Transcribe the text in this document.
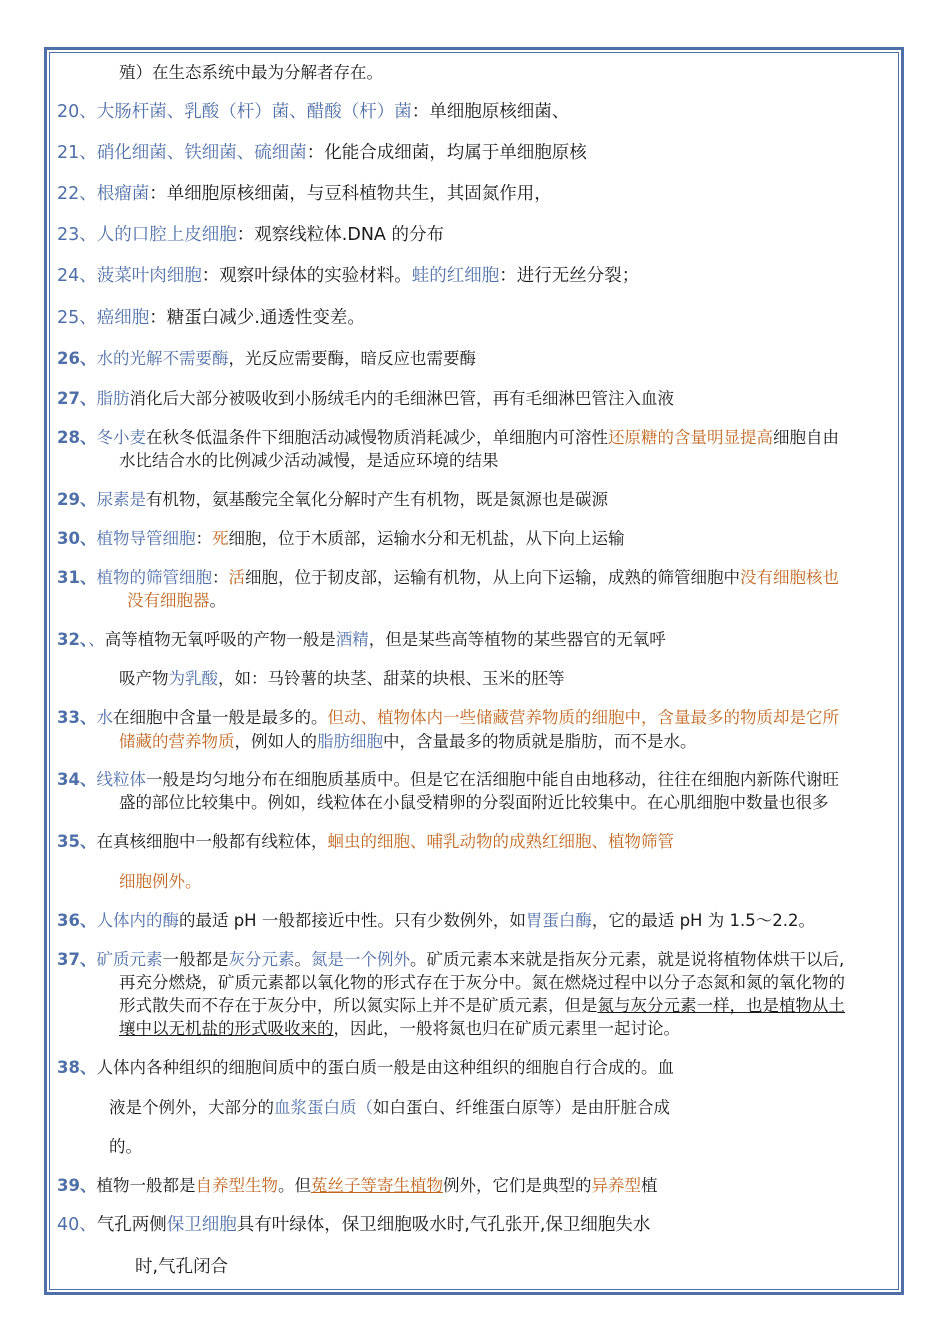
殖）在生态系统中最为分解者存在。
20、大肠杆菌、乳酸（杆）菌、醋酸（杆）菌：单细胞原核细菌、
21、硝化细菌、铁细菌、硫细菌：化能合成细菌，均属于单细胞原核
22、根瘤菌：单细胞原核细菌，与豆科植物共生，其固氮作用，
23、人的口腔上皮细胞：观察线粒体.DNA 的分布
24、菠菜叶肉细胞：观察叶绿体的实验材料。蛙的红细胞：进行无丝分裂；
25、癌细胞：糖蛋白减少.通透性变差。
26、水的光解不需要酶，光反应需要酶，暗反应也需要酶
27、脂肪消化后大部分被吸收到小肠绒毛内的毛细淋巴管，再有毛细淋巴管注入血液
28、冬小麦在秋冬低温条件下细胞活动减慢物质消耗减少，单细胞内可溶性还原糖的含量明显提高细胞自由
水比结合水的比例减少活动减慢，是适应环境的结果
29、尿素是有机物，氨基酸完全氧化分解时产生有机物，既是氮源也是碳源
30、植物导管细胞：死细胞，位于木质部，运输水分和无机盐，从下向上运输
31、植物的筛管细胞：活细胞，位于韧皮部，运输有机物，从上向下运输，成熟的筛管细胞中没有细胞核也
没有细胞器。
32、、高等植物无氧呼吸的产物一般是酒精，但是某些高等植物的某些器官的无氧呼
吸产物为乳酸，如：马铃薯的块茎、甜菜的块根、玉米的胚等
33、水在细胞中含量一般是最多的。但动、植物体内一些储藏营养物质的细胞中，含量最多的物质却是它所
储藏的营养物质，例如人的脂肪细胞中，含量最多的物质就是脂肪，而不是水。
34、线粒体一般是均匀地分布在细胞质基质中。但是它在活细胞中能自由地移动，往往在细胞内新陈代谢旺
盛的部位比较集中。例如，线粒体在小鼠受精卵的分裂面附近比较集中。在心肌细胞中数量也很多
35、在真核细胞中一般都有线粒体，蛔虫的细胞、哺乳动物的成熟红细胞、植物筛管
细胞例外。
36、人体内的酶的最适 pH 一般都接近中性。只有少数例外，如胃蛋白酶，它的最适 pH 为 1.5～2.2。
37、矿质元素一般都是灰分元素。氮是一个例外。矿质元素本来就是指灰分元素，就是说将植物体烘干以后,
再充分燃烧，矿质元素都以氧化物的形式存在于灰分中。氮在燃烧过程中以分子态氮和氮的氧化物的
形式散失而不存在于灰分中，所以氮实际上并不是矿质元素，但是氮与灰分元素一样，也是植物从土
壤中以无机盐的形式吸收来的，因此，一般将氮也归在矿质元素里一起讨论。
38、人体内各种组织的细胞间质中的蛋白质一般是由这种组织的细胞自行合成的。血
液是个例外，大部分的血浆蛋白质（如白蛋白、纤维蛋白原等）是由肝脏合成
的。
39、植物一般都是自养型生物。但菟丝子等寄生植物例外，它们是典型的异养型植
40、气孔两侧保卫细胞具有叶绿体，保卫细胞吸水时,气孔张开,保卫细胞失水
时,气孔闭合
